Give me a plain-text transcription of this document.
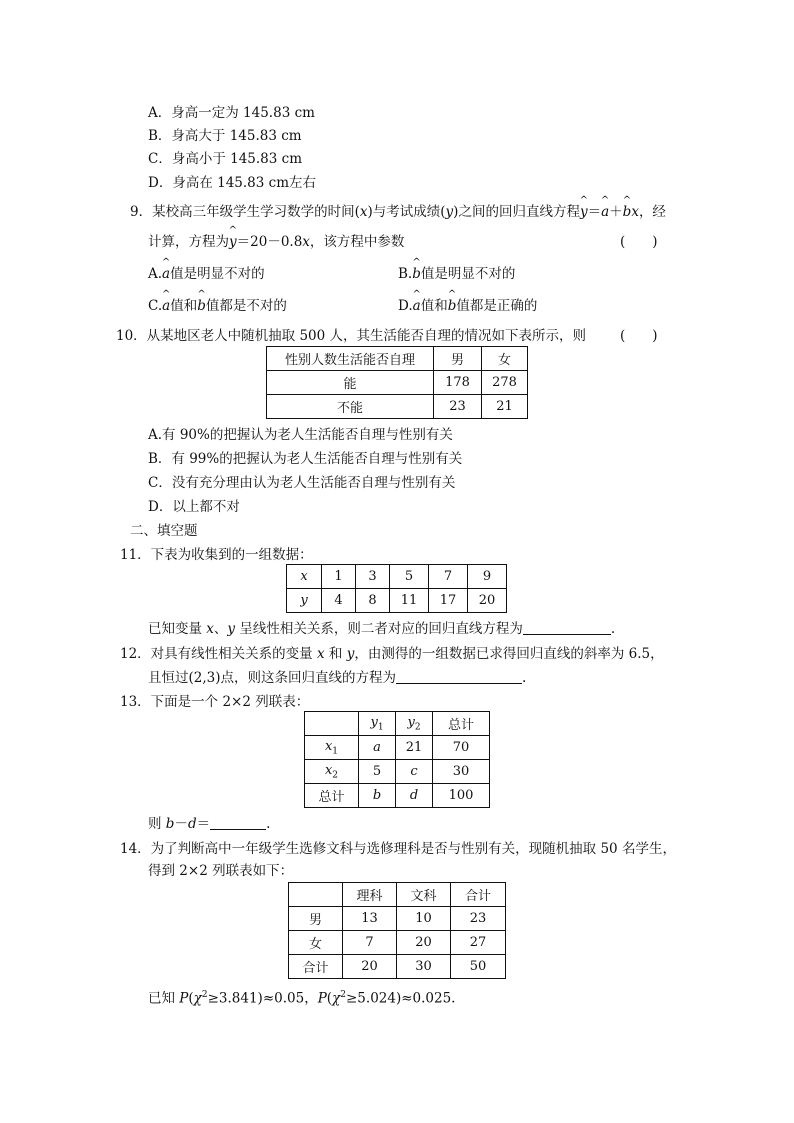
A．身高一定为 145.83 cm
B．身高大于 145.83 cm
C．身高小于 145.83 cm
D．身高在 145.83 cm左右
9．某校高三年级学生学习数学的时间(x)与考试成绩(y)之间的回归直线方程^ y＝^ a＋^ bx，经
计算，方程为^ y＝20－0.8x，该方程中参数	(　　)
A.^ a值是明显不对的	B.^ b值是明显不对的
C.^ a值和^ b值都是不对的	D.^ a值和^ b值都是正确的
10．从某地区老人中随机抽取 500 人，其生活能否自理的情况如下表所示，则	(　　)
性别人数生活能否自理	男	女
能	178	278
不能	23	21
A.有 90%的把握认为老人生活能否自理与性别有关
B．有 99%的把握认为老人生活能否自理与性别有关
C．没有充分理由认为老人生活能否自理与性别有关
D．以上都不对
二、填空题
11．下表为收集到的一组数据：
x	1	3	5	7	9
y	4	8	11	17	20
已知变量 x、y 呈线性相关关系，则二者对应的回归直线方程为	.
12．对具有线性相关关系的变量 x 和 y，由测得的一组数据已求得回归直线的斜率为 6.5，
且恒过(2,3)点，则这条回归直线的方程为	.
13．下面是一个 2×2 列联表：
	$y_1$	$y_2$	总计
$x_1$	a	21	70
$x_2$	5	c	30
总计	b	d	100
则 b－d＝	.
14．为了判断高中一年级学生选修文科与选修理科是否与性别有关，现随机抽取 50 名学生，
得到 2×2 列联表如下：
	理科	文科	合计
男	13	10	23
女	7	20	27
合计	20	30	50
已知 $P(\chi^2\ge 3.841)\approx 0.05$，$P(\chi^2\ge 5.024)\approx 0.025$.
